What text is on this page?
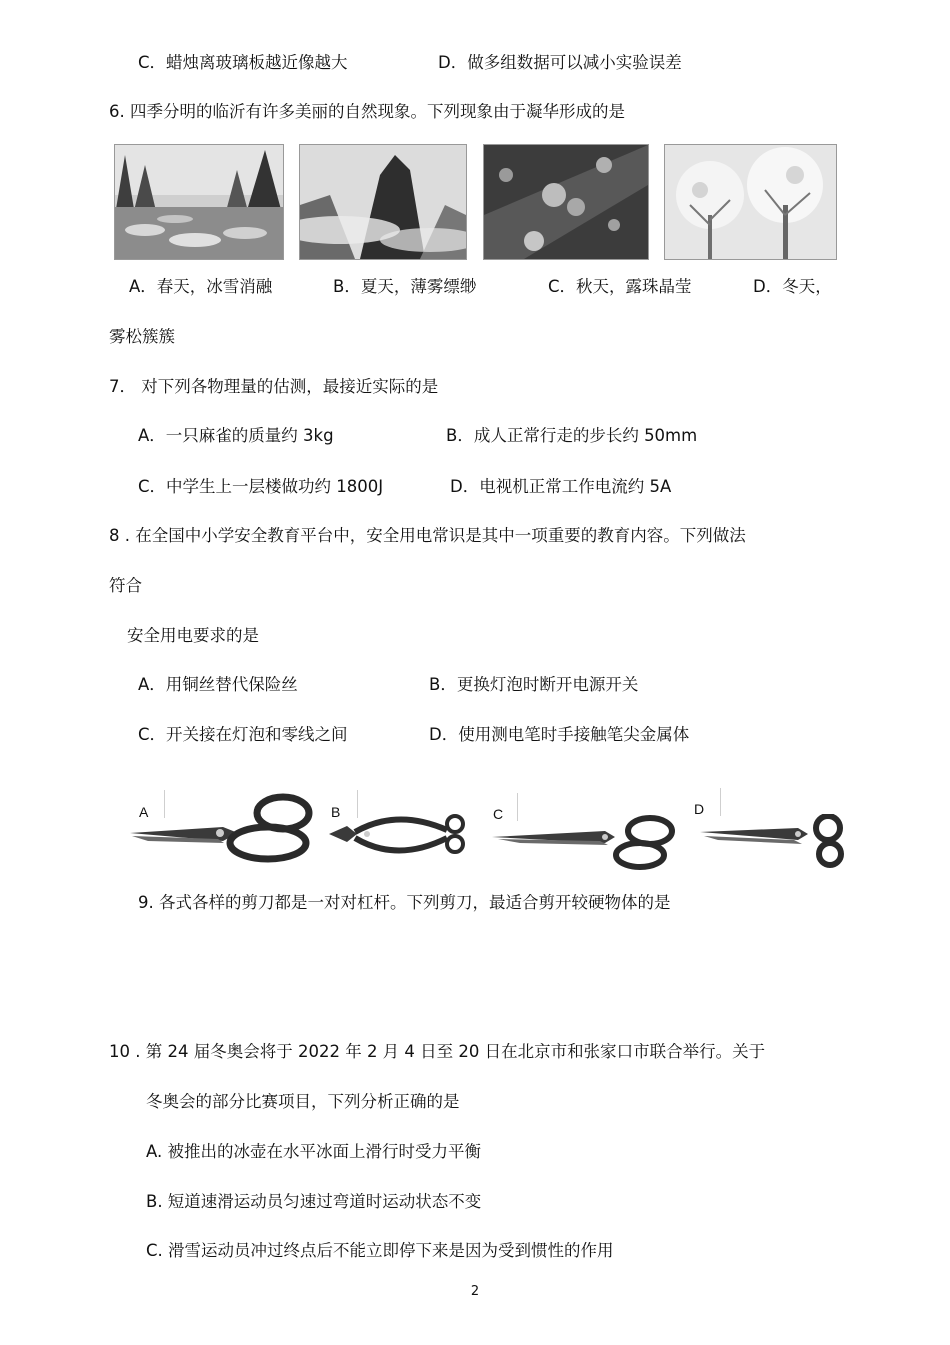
C．蜡烛离玻璃板越近像越大	D．做多组数据可以减小实验误差
6. 四季分明的临沂有许多美丽的自然现象。下列现象由于凝华形成的是
A．春天，冰雪消融	B．夏天，薄雾缥缈	C．秋天，露珠晶莹	D．冬天，
雾松簇簇
7． 对下列各物理量的估测，最接近实际的是
A．一只麻雀的质量约 3kg	B．成人正常行走的步长约 50mm
C．中学生上一层楼做功约 1800J	D．电视机正常工作电流约 5A
8 . 在全国中小学安全教育平台中，安全用电常识是其中一项重要的教育内容。下列做法
符合
安全用电要求的是
A．用铜丝替代保险丝	B．更换灯泡时断开电源开关
C．开关接在灯泡和零线之间	D．使用测电笔时手接触笔尖金属体
A	B	C	D
9. 各式各样的剪刀都是一对对杠杆。下列剪刀，最适合剪开较硬物体的是
10 . 第 24 届冬奥会将于 2022 年 2 月 4 日至 20 日在北京市和张家口市联合举行。关于
冬奥会的部分比赛项目，下列分析正确的是
A. 被推出的冰壶在水平冰面上滑行时受力平衡
B. 短道速滑运动员匀速过弯道时运动状态不变
C. 滑雪运动员冲过终点后不能立即停下来是因为受到惯性的作用
2
